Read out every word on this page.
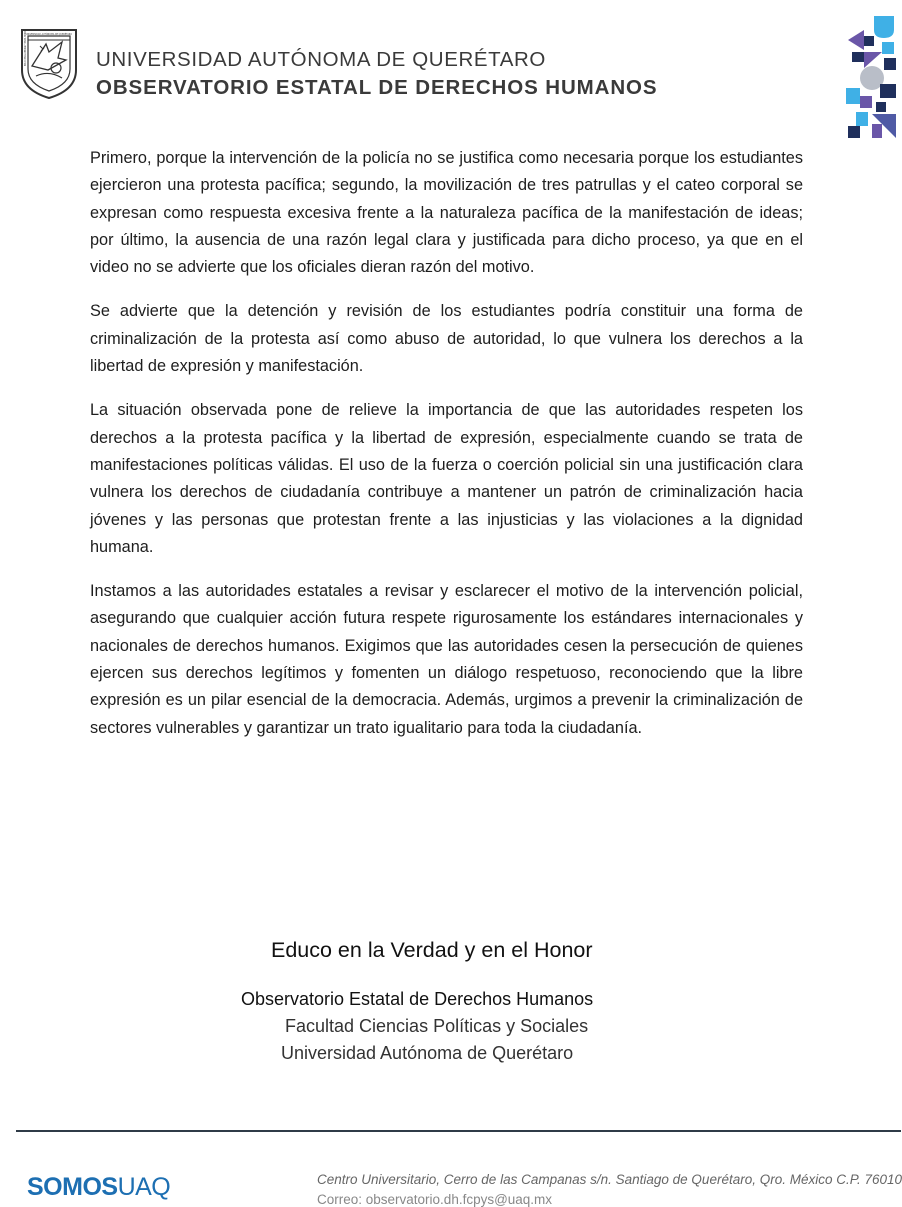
UNIVERSIDAD AUTÓNOMA DE QUERÉTARO
EDUCO EN LA VERDAD Y EN EL HONOR	UNIVERSIDAD AUTÓNOMA DE QUERÉTARO
OBSERVATORIO ESTATAL DE DERECHOS HUMANOS

Primero, porque la intervención de la policía no se justifica como necesaria porque los estudiantes ejercieron una protesta pacífica; segundo, la movilización de tres patrullas y el cateo corporal se expresan como respuesta excesiva frente a la naturaleza pacífica de la manifestación de ideas; por último, la ausencia de una razón legal clara y justificada para dicho proceso, ya que en el video no se advierte que los oficiales dieran razón del motivo.

Se advierte que la detención y revisión de los estudiantes podría constituir una forma de criminalización de la protesta así como abuso de autoridad, lo que vulnera los derechos a la libertad de expresión y manifestación.

La situación observada pone de relieve la importancia de que las autoridades respeten los derechos a la protesta pacífica y la libertad de expresión, especialmente cuando se trata de manifestaciones políticas válidas. El uso de la fuerza o coerción policial sin una justificación clara vulnera los derechos de ciudadanía contribuye a mantener un patrón de criminalización hacia jóvenes y las personas que protestan frente a las injusticias y las violaciones a la dignidad humana.

Instamos a las autoridades estatales a revisar y esclarecer el motivo de la intervención policial, asegurando que cualquier acción futura respete rigurosamente los estándares internacionales y nacionales de derechos humanos. Exigimos que las autoridades cesen la persecución de quienes ejercen sus derechos legítimos y fomenten un diálogo respetuoso, reconociendo que la libre expresión es un pilar esencial de la democracia. Además, urgimos a prevenir la criminalización de sectores vulnerables y garantizar un trato igualitario para toda la ciudadanía.

Educo en la Verdad y en el Honor
Observatorio Estatal de Derechos Humanos
Facultad Ciencias Políticas y Sociales
Universidad Autónoma de Querétaro
SOMOSUAQ	Centro Universitario, Cerro de las Campanas s/n. Santiago de Querétaro, Qro. México C.P. 76010
Correo: observatorio.dh.fcpys@uaq.mx
